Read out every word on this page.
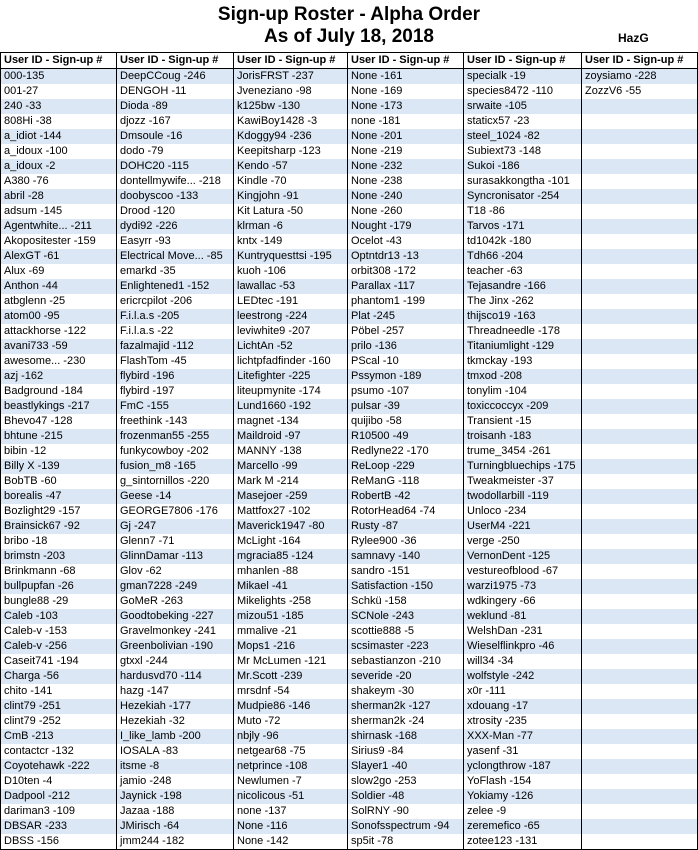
Sign-up Roster - Alpha Order
As of July 18, 2018	HazG
User ID - Sign-up #	User ID - Sign-up #	User ID - Sign-up #	User ID - Sign-up #	User ID - Sign-up #	User ID - Sign-up #
000-135	DeepCCoug -246	JorisFRST -237	None -161	specialk -19	zoysiamo -228
001-27	DENGOH -11	Jveneziano -98	None -169	species8472 -110	ZozzV6 -55
240 -33	Dioda -89	k125bw -130	None -173	srwaite -105	
808Hi -38	djozz -167	KawiBoy1428 -3	none -181	staticx57 -23	
a_idiot -144	Dmsoule -16	Kdoggy94 -236	None -201	steel_1024 -82	
a_idoux -100	dodo -79	Keepitsharp -123	None -219	Subiext73 -148	
a_idoux -2	DOHC20 -115	Kendo -57	None -232	Sukoi -186	
A380 -76	dontellmywife... -218	Kindle -70	None -238	surasakkongtha -101	
abril -28	doobyscoo -133	Kingjohn -91	None -240	Syncronisator -254	
adsum -145	Drood -120	Kit Latura -50	None -260	T18 -86	
Agentwhite... -211	dydi92 -226	klrman -6	Nought -179	Tarvos -171	
Akopositester -159	Easyrr -93	kntx -149	Ocelot -43	td1042k -180	
AlexGT -61	Electrical Move... -85	Kuntryquesttsi -195	Optntdr13 -13	Tdh66 -204	
Alux -69	emarkd -35	kuoh -106	orbit308 -172	teacher -63	
Anthon -44	Enlightened1 -152	lawallac -53	Parallax -117	Tejasandre -166	
atbglenn -25	ericrcpilot -206	LEDtec -191	phantom1 -199	The Jinx -262	
atom00 -95	F.i.l.a.s -205	leestrong -224	Plat -245	thijsco19 -163	
attackhorse -122	F.i.l.a.s -22	leviwhite9 -207	Pöbel -257	Threadneedle -178	
avani733 -59	fazalmajid -112	LichtAn -52	prilo -136	Titaniumlight -129	
awesome... -230	FlashTom -45	lichtpfadfinder -160	PScal -10	tkmckay -193	
azj -162	flybird -196	Litefighter -225	Pssymon -189	tmxod -208	
Badground -184	flybird -197	liteupmynite -174	psumo -107	tonylim -104	
beastlykings -217	FmC -155	Lund1660 -192	pulsar -39	toxiccoccyx -209	
Bhevo47 -128	freethink -143	magnet -134	quijibo -58	Transient -15	
bhtune -215	frozenman55 -255	Maildroid -97	R10500 -49	troisanh -183	
bibin -12	funkycowboy -202	MANNY -138	Redlyne22 -170	trume_3454 -261	
Billy X -139	fusion_m8 -165	Marcello -99	ReLoop -229	Turningbluechips -175	
BobTB -60	g_sintornillos -220	Mark M -214	ReManG -118	Tweakmeister -37	
borealis -47	Geese -14	Masejoer -259	RobertB -42	twodollarbill -119	
Bozlight29 -157	GEORGE7806 -176	Mattfox27 -102	RotorHead64 -74	Unloco -234	
Brainsick67 -92	Gj -247	Maverick1947 -80	Rusty -87	UserM4 -221	
bribo -18	Glenn7 -71	McLight -164	Rylee900 -36	verge -250	
brimstn -203	GlinnDamar -113	mgracia85 -124	samnavy -140	VernonDent -125	
Brinkmann -68	Glov -62	mhanlen -88	sandro -151	vestureofblood -67	
bullpupfan -26	gman7228 -249	Mikael -41	Satisfaction -150	warzi1975 -73	
bungle88 -29	GoMeR -263	Mikelights -258	Schkü -158	wdkingery -66	
Caleb -103	Goodtobeking -227	mizou51 -185	SCNole -243	weklund -81	
Caleb-v -153	Gravelmonkey -241	mmalive -21	scottie888 -5	WelshDan -231	
Caleb-v -256	Greenbolivian -190	Mops1 -216	scsimaster -223	Wieselflinkpro -46	
Caseit741 -194	gtxxl -244	Mr McLumen -121	sebastianzon -210	will34 -34	
Charga -56	hardusvd70 -114	Mr.Scott -239	severide -20	wolfstyle -242	
chito -141	hazg -147	mrsdnf -54	shakeym -30	x0r -111	
clint79 -251	Hezekiah -177	Mudpie86 -146	sherman2k -127	xdouang -17	
clint79 -252	Hezekiah -32	Muto -72	sherman2k -24	xtrosity -235	
CmB -213	I_like_lamb -200	nbjly -96	shirnask -168	XXX-Man -77	
contactcr -132	IOSALA -83	netgear68 -75	Sirius9 -84	yasenf -31	
Coyotehawk -222	itsme -8	netprince -108	Slayer1 -40	yclongthrow -187	
D10ten -4	jamio -248	Newlumen -7	slow2go -253	YoFlash -154	
Dadpool -212	Jaynick -198	nicolicous -51	Soldier -48	Yokiamy -126	
dariman3 -109	Jazaa -188	none -137	SolRNY -90	zelee -9	
DBSAR -233	JMirisch -64	None -116	Sonofsspectrum -94	zeremefico -65	
DBSS -156	jmm244 -182	None -142	sp5it -78	zotee123 -131	
